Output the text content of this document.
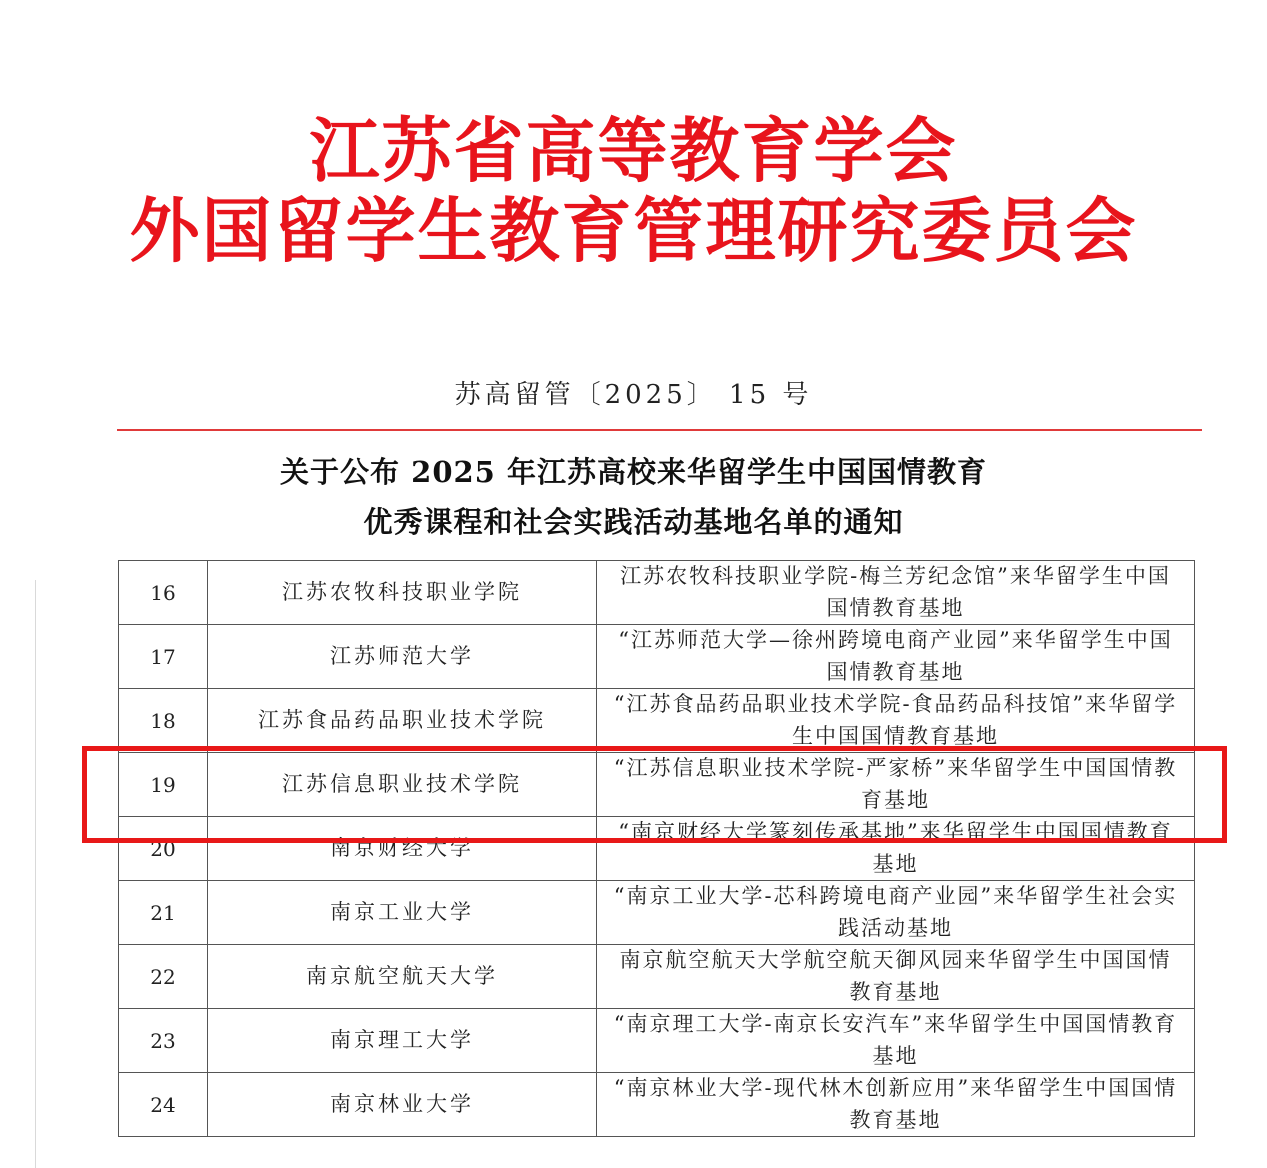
江苏省高等教育学会
外国留学生教育管理研究委员会
苏高留管〔2025〕 15 号
关于公布 2025 年江苏高校来华留学生中国国情教育
优秀课程和社会实践活动基地名单的通知
16	江苏农牧科技职业学院	江苏农牧科技职业学院-梅兰芳纪念馆”来华留学生中国国情教育基地

17	江苏师范大学	“江苏师范大学—徐州跨境电商产业园”来华留学生中国国情教育基地

18	江苏食品药品职业技术学院	“江苏食品药品职业技术学院-食品药品科技馆”来华留学生中国国情教育基地

19	江苏信息职业技术学院	“江苏信息职业技术学院-严家桥”来华留学生中国国情教育基地

20	南京财经大学	“南京财经大学篆刻传承基地”来华留学生中国国情教育基地

21	南京工业大学	“南京工业大学-芯科跨境电商产业园”来华留学生社会实践活动基地

22	南京航空航天大学	南京航空航天大学航空航天御风园来华留学生中国国情教育基地

23	南京理工大学	“南京理工大学-南京长安汽车”来华留学生中国国情教育基地

24	南京林业大学	“南京林业大学-现代林木创新应用”来华留学生中国国情教育基地
